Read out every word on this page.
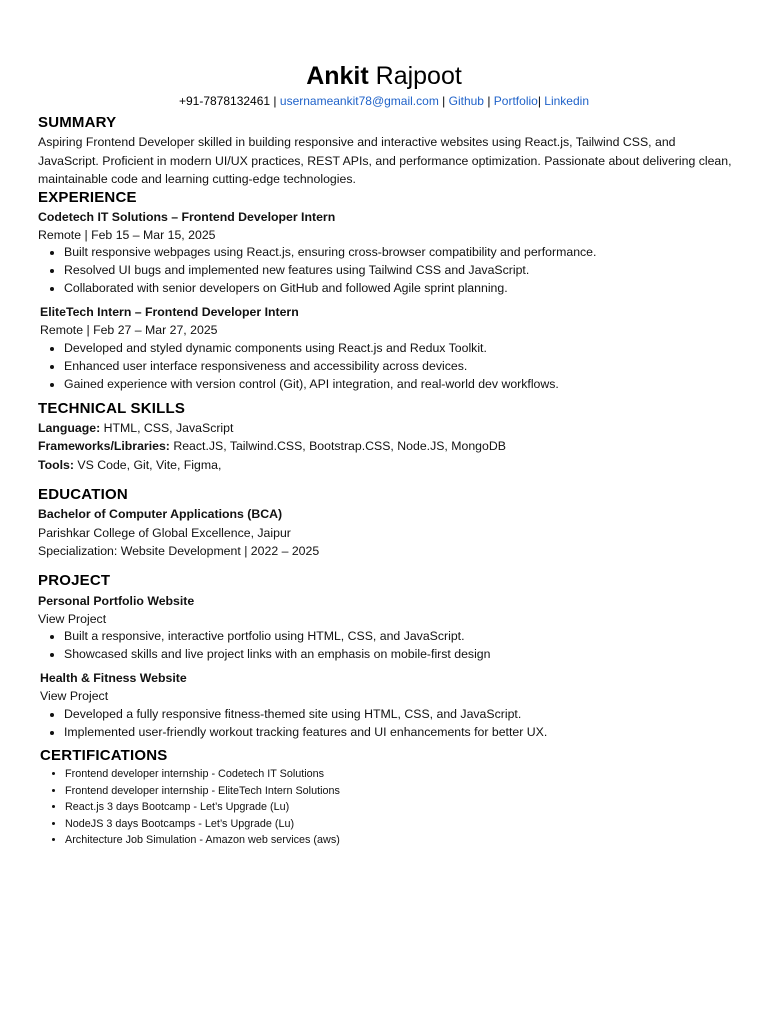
Ankit Rajpoot
+91-7878132461 | usernameankit78@gmail.com | Github | Portfolio| Linkedin
SUMMARY
Aspiring Frontend Developer skilled in building responsive and interactive websites using React.js, Tailwind CSS, and JavaScript. Proficient in modern UI/UX practices, REST APIs, and performance optimization. Passionate about delivering clean, maintainable code and learning cutting-edge technologies.
EXPERIENCE
Codetech IT Solutions – Frontend Developer Intern
Remote | Feb 15 – Mar 15, 2025
• Built responsive webpages using React.js, ensuring cross-browser compatibility and performance.
• Resolved UI bugs and implemented new features using Tailwind CSS and JavaScript.
• Collaborated with senior developers on GitHub and followed Agile sprint planning.
EliteTech Intern – Frontend Developer Intern
Remote | Feb 27 – Mar 27, 2025
• Developed and styled dynamic components using React.js and Redux Toolkit.
• Enhanced user interface responsiveness and accessibility across devices.
• Gained experience with version control (Git), API integration, and real-world dev workflows.
TECHNICAL SKILLS
Language: HTML, CSS, JavaScript
Frameworks/Libraries: React.JS, Tailwind.CSS, Bootstrap.CSS, Node.JS, MongoDB
Tools: VS Code, Git, Vite, Figma,
EDUCATION
Bachelor of Computer Applications (BCA)
Parishkar College of Global Excellence, Jaipur
Specialization: Website Development | 2022 – 2025
PROJECT
Personal Portfolio Website
View Project
• Built a responsive, interactive portfolio using HTML, CSS, and JavaScript.
• Showcased skills and live project links with an emphasis on mobile-first design
Health & Fitness Website
View Project
• Developed a fully responsive fitness-themed site using HTML, CSS, and JavaScript.
• Implemented user-friendly workout tracking features and UI enhancements for better UX.
CERTIFICATIONS
• Frontend developer internship - Codetech IT Solutions
• Frontend developer internship - EliteTech Intern Solutions
• React.js 3 days Bootcamp - Let’s Upgrade (Lu)
• NodeJS 3 days Bootcamps - Let’s Upgrade (Lu)
• Architecture Job Simulation - Amazon web services (aws)
